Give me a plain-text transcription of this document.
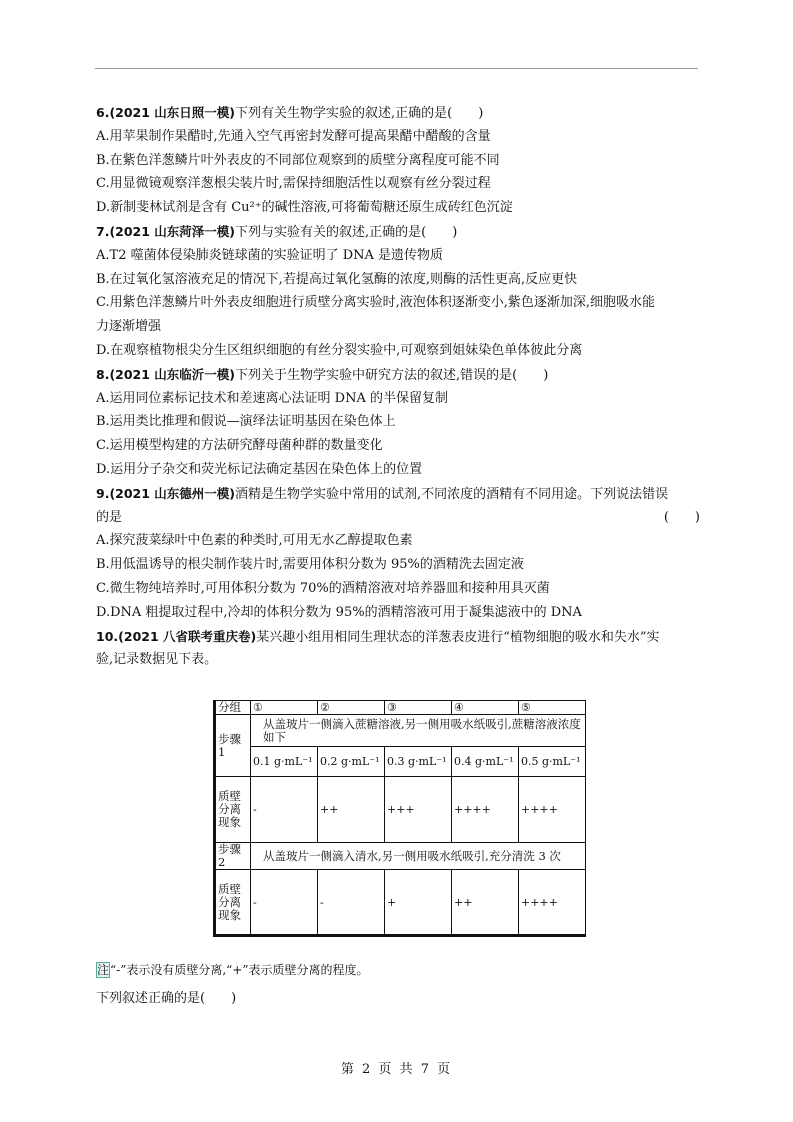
6.(2021 山东日照一模)下列有关生物学实验的叙述,正确的是(　　)
A.用苹果制作果醋时,先通入空气再密封发酵可提高果醋中醋酸的含量
B.在紫色洋葱鳞片叶外表皮的不同部位观察到的质壁分离程度可能不同
C.用显微镜观察洋葱根尖装片时,需保持细胞活性以观察有丝分裂过程
D.新制斐林试剂是含有 Cu²⁺的碱性溶液,可将葡萄糖还原生成砖红色沉淀
7.(2021 山东菏泽一模)下列与实验有关的叙述,正确的是(　　)
A.T2 噬菌体侵染肺炎链球菌的实验证明了 DNA 是遗传物质
B.在过氧化氢溶液充足的情况下,若提高过氧化氢酶的浓度,则酶的活性更高,反应更快
C.用紫色洋葱鳞片叶外表皮细胞进行质壁分离实验时,液泡体积逐渐变小,紫色逐渐加深,细胞吸水能
力逐渐增强
D.在观察植物根尖分生区组织细胞的有丝分裂实验中,可观察到姐妹染色单体彼此分离
8.(2021 山东临沂一模)下列关于生物学实验中研究方法的叙述,错误的是(　　)
A.运用同位素标记技术和差速离心法证明 DNA 的半保留复制
B.运用类比推理和假说—演绎法证明基因在染色体上
C.运用模型构建的方法研究酵母菌种群的数量变化
D.运用分子杂交和荧光标记法确定基因在染色体上的位置
9.(2021 山东德州一模)酒精是生物学实验中常用的试剂,不同浓度的酒精有不同用途。下列说法错误
的是	(　　)
A.探究菠菜绿叶中色素的种类时,可用无水乙醇提取色素
B.用低温诱导的根尖制作装片时,需要用体积分数为 95%的酒精洗去固定液
C.微生物纯培养时,可用体积分数为 70%的酒精溶液对培养器皿和接种用具灭菌
D.DNA 粗提取过程中,冷却的体积分数为 95%的酒精溶液可用于凝集滤液中的 DNA
10.(2021 八省联考重庆卷)某兴趣小组用相同生理状态的洋葱表皮进行“植物细胞的吸水和失水”实
验,记录数据见下表。
分组	①	②	③	④	⑤
步骤1	从盖玻片一侧滴入蔗糖溶液,另一侧用吸水纸吸引,蔗糖溶液浓度如下				
	0.1 g·mL⁻¹	0.2 g·mL⁻¹	0.3 g·mL⁻¹	0.4 g·mL⁻¹	0.5 g·mL⁻¹
质壁分离现象	-	++	+++	++++	++++
步骤2	从盖玻片一侧滴入清水,另一侧用吸水纸吸引,充分清洗 3 次				
质壁分离现象	-	-	+	++	++++
注“-”表示没有质壁分离,“+”表示质壁分离的程度。
下列叙述正确的是(　　)
第 2 页 共 7 页
